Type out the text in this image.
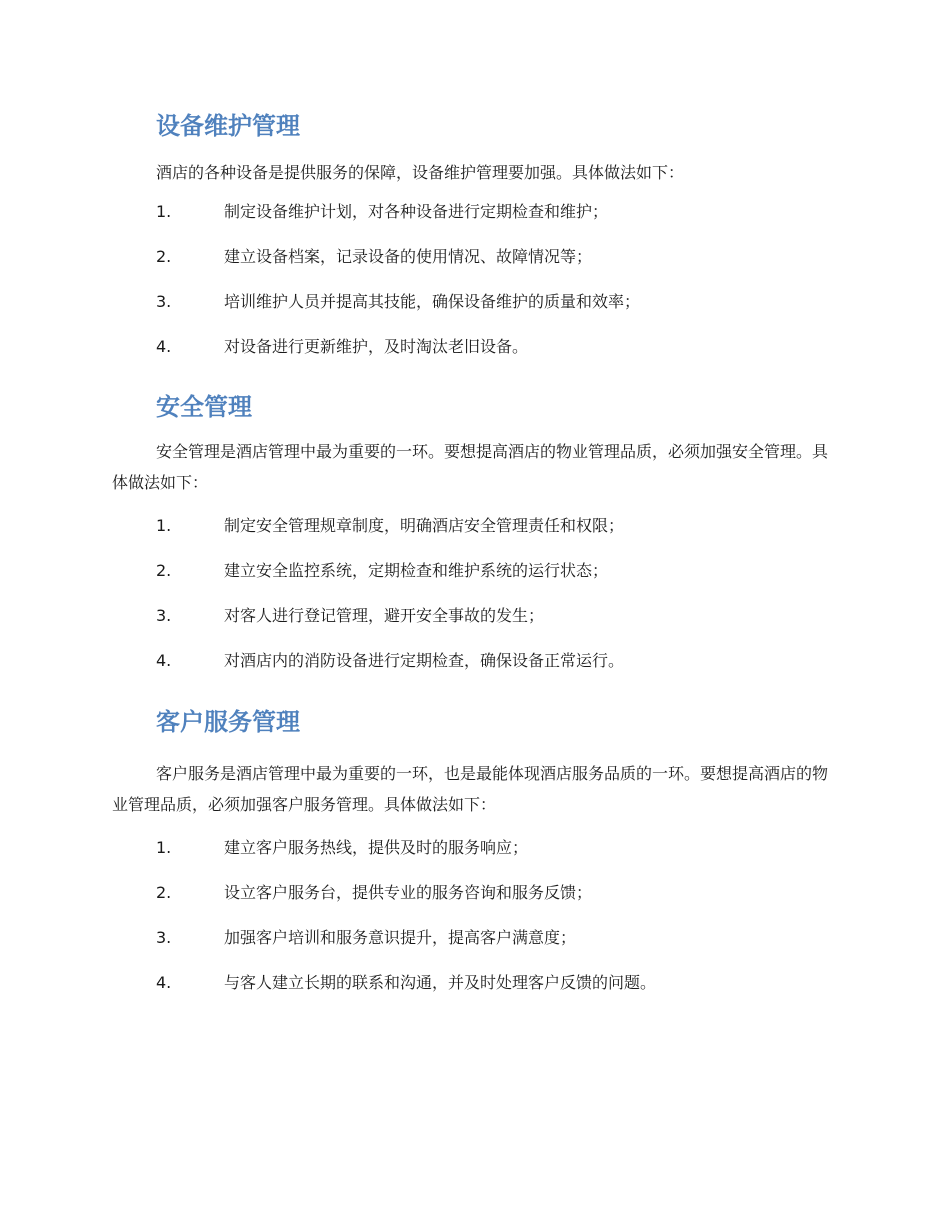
设备维护管理

酒店的各种设备是提供服务的保障，设备维护管理要加强。具体做法如下：

1.	制定设备维护计划，对各种设备进行定期检查和维护；
2.	建立设备档案，记录设备的使用情况、故障情况等；
3.	培训维护人员并提高其技能，确保设备维护的质量和效率；
4.	对设备进行更新维护，及时淘汰老旧设备。
安全管理

安全管理是酒店管理中最为重要的一环。要想提高酒店的物业管理品质，必须加强安全管理。具体做法如下：

1.	制定安全管理规章制度，明确酒店安全管理责任和权限；
2.	建立安全监控系统，定期检查和维护系统的运行状态；
3.	对客人进行登记管理，避开安全事故的发生；
4.	对酒店内的消防设备进行定期检查，确保设备正常运行。
客户服务管理

客户服务是酒店管理中最为重要的一环，也是最能体现酒店服务品质的一环。要想提高酒店的物业管理品质，必须加强客户服务管理。具体做法如下：

1.	建立客户服务热线，提供及时的服务响应；
2.	设立客户服务台，提供专业的服务咨询和服务反馈；
3.	加强客户培训和服务意识提升，提高客户满意度；
4.	与客人建立长期的联系和沟通，并及时处理客户反馈的问题。
